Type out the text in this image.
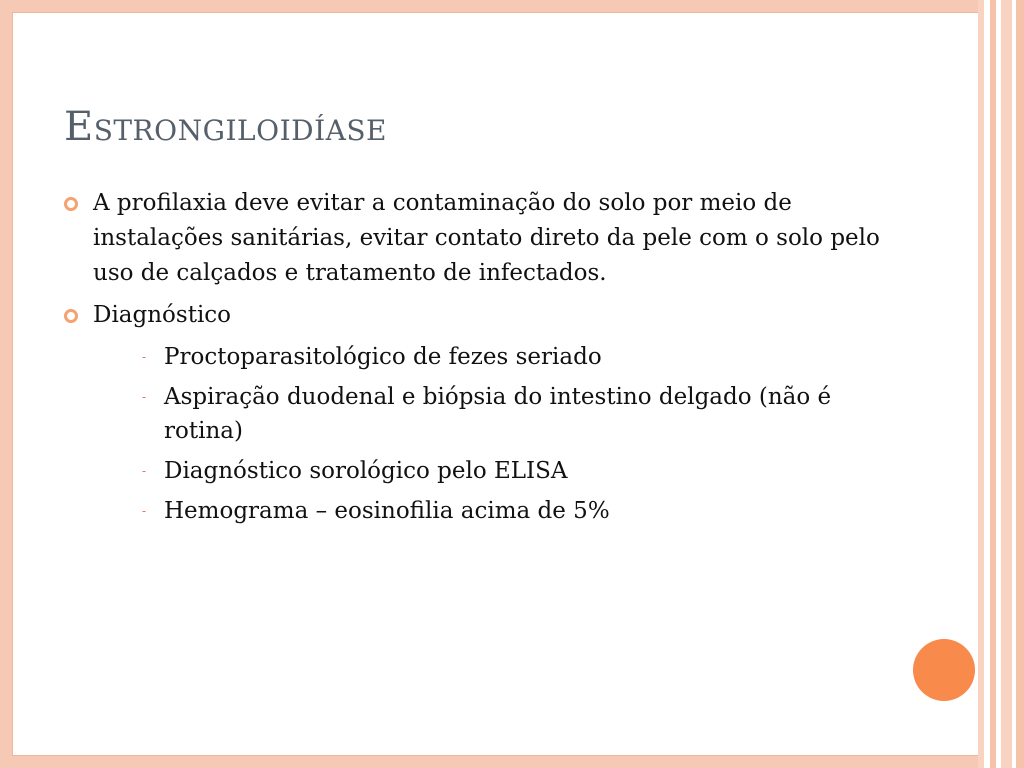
Estrongiloidíase
A profilaxia deve evitar a contaminação do solo por meio de instalações sanitárias, evitar contato direto da pele com o solo pelo uso de calçados e tratamento de infectados.
Diagnóstico
- Proctoparasitológico de fezes seriado
- Aspiração duodenal e biópsia do intestino delgado (não é rotina)
- Diagnóstico sorológico pelo ELISA
- Hemograma – eosinofilia acima de 5%
